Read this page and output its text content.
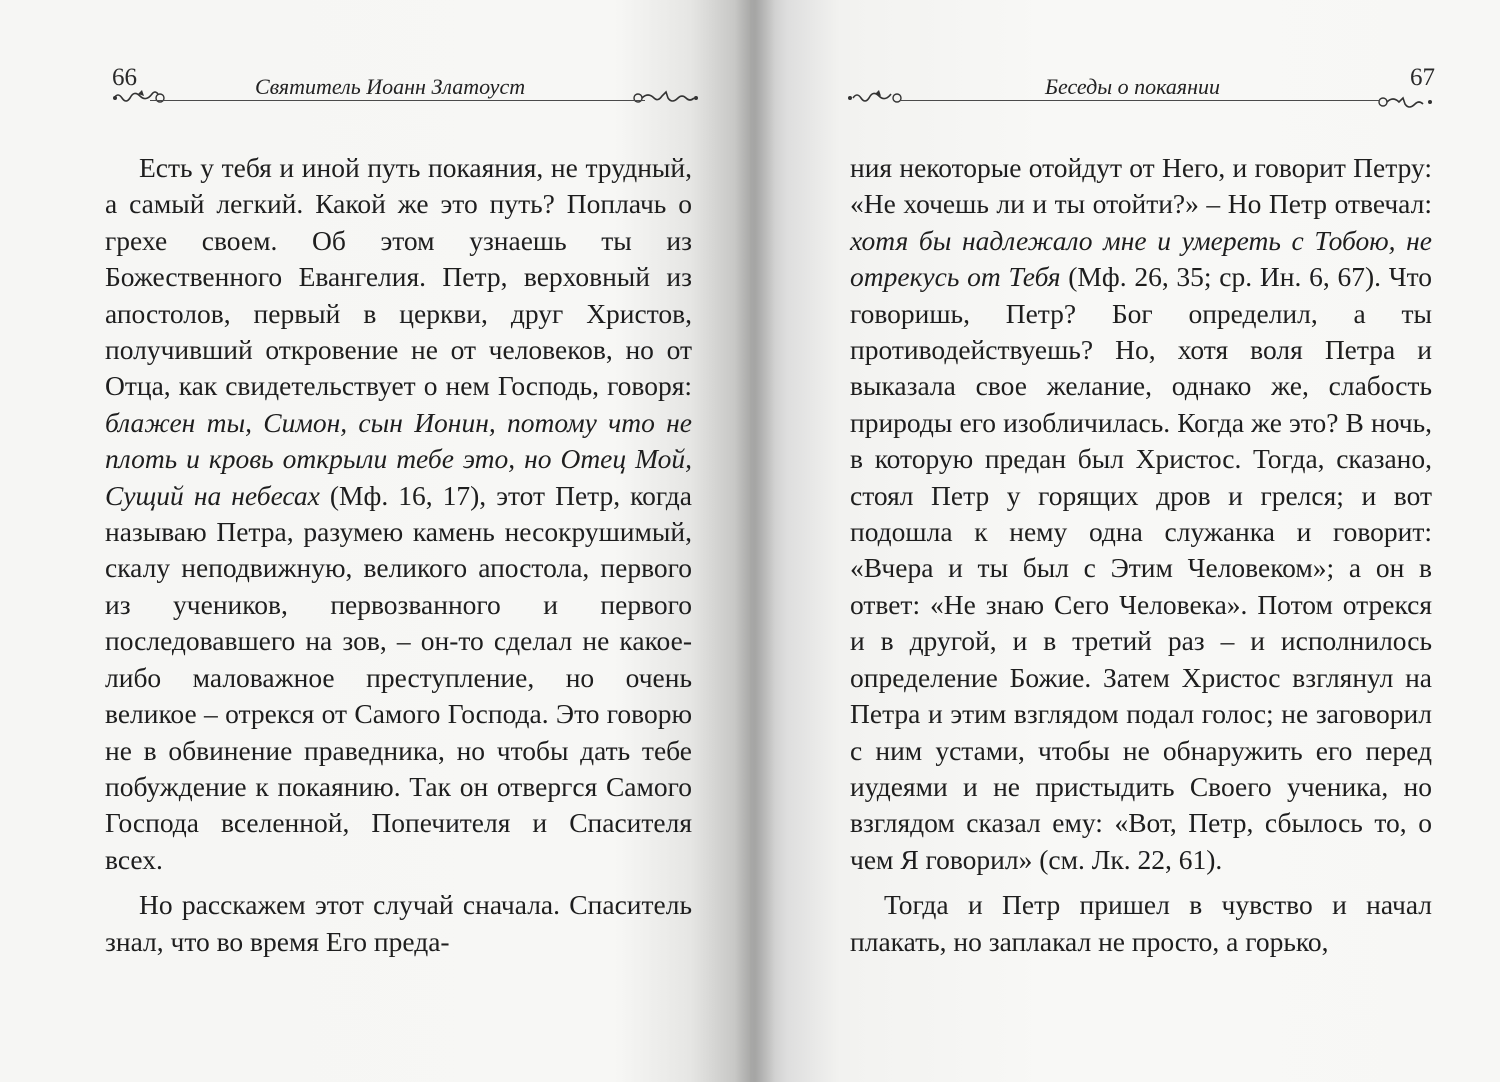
66	Святитель Иоанн Златоуст

Есть у тебя и иной путь покаяния, не трудный, а самый легкий. Какой же это путь? Поплачь о грехе своем. Об этом узнаешь ты из Божественного Евангелия. Петр, верховный из апостолов, первый в церкви, друг Христов, получивший откровение не от человеков, но от Отца, как свидетельствует о нем Господь, говоря: блажен ты, Симон, сын Ионин, потому что не плоть и кровь открыли тебе это, но Отец Мой, Сущий на небесах (Мф. 16, 17), этот Петр, когда называю Петра, разумею камень несокрушимый, скалу неподвижную, великого апостола, первого из учеников, первозванного и первого последовавшего на зов, – он-то сделал не какое-либо маловажное преступление, но очень великое – отрекся от Самого Господа. Это говорю не в обвинение праведника, но чтобы дать тебе побуждение к покаянию. Так он отвергся Самого Господа вселенной, Попечителя и Спасителя всех.

Но расскажем этот случай сначала. Спаситель знал, что во время Его преда-

Беседы о покаянии	67

ния некоторые отойдут от Него, и говорит Петру: «Не хочешь ли и ты отойти?» – Но Петр отвечал: хотя бы надлежало мне и умереть с Тобою, не отрекусь от Тебя (Мф. 26, 35; ср. Ин. 6, 67). Что говоришь, Петр? Бог определил, а ты противодействуешь? Но, хотя воля Петра и выказала свое желание, однако же, слабость природы его изобличилась. Когда же это? В ночь, в которую предан был Христос. Тогда, сказано, стоял Петр у горящих дров и грелся; и вот подошла к нему одна служанка и говорит: «Вчера и ты был с Этим Человеком»; а он в ответ: «Не знаю Сего Человека». Потом отрекся и в другой, и в третий раз – и исполнилось определение Божие. Затем Христос взглянул на Петра и этим взглядом подал голос; не заговорил с ним устами, чтобы не обнаружить его перед иудеями и не пристыдить Своего ученика, но взглядом сказал ему: «Вот, Петр, сбылось то, о чем Я говорил» (см. Лк. 22, 61).

Тогда и Петр пришел в чувство и начал плакать, но заплакал не просто, а горько,
